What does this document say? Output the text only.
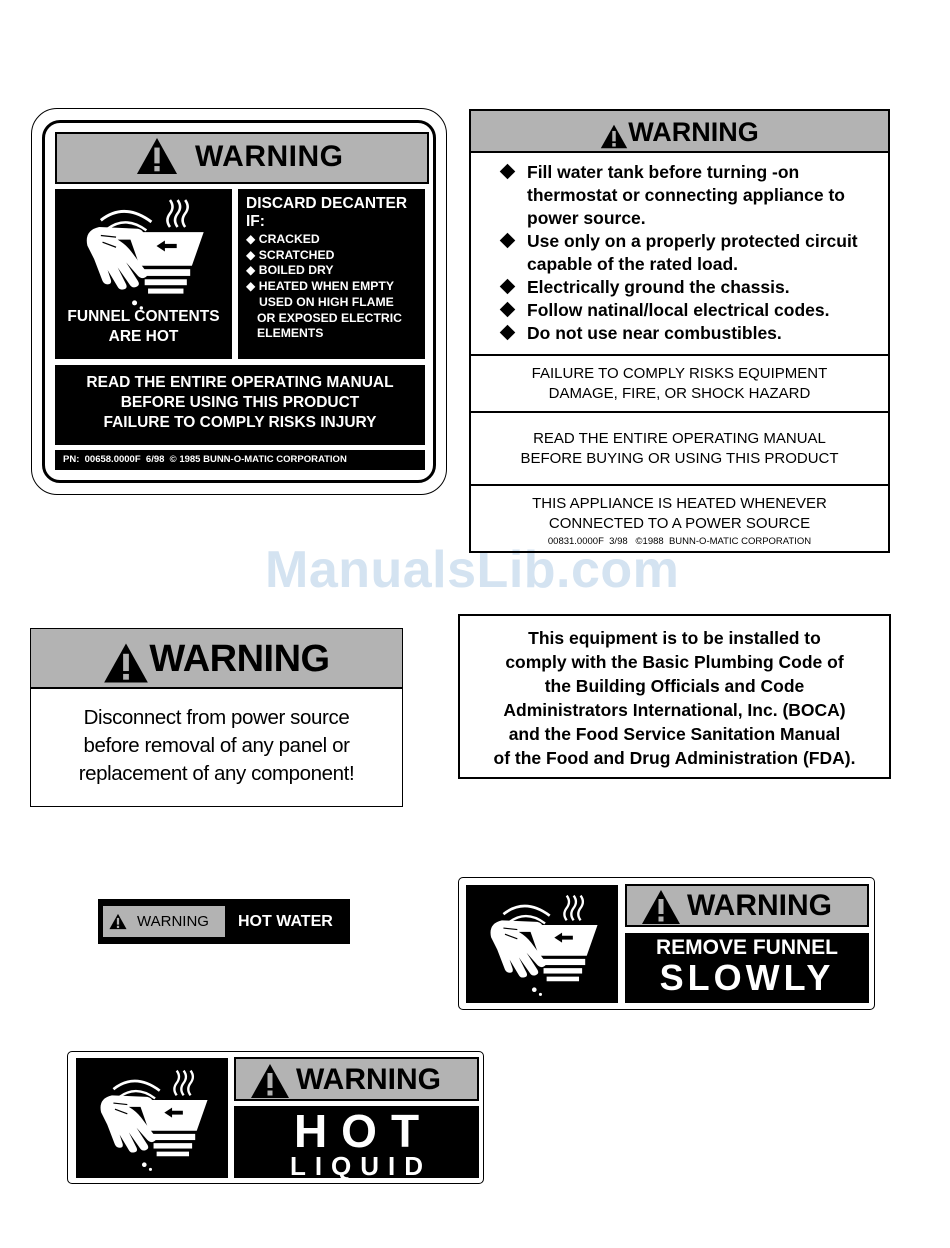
ManualsLib.com
WARNING
FUNNEL CONTENTS
ARE HOT
DISCARD DECANTER
IF:
◆ CRACKED
◆ SCRATCHED
◆ BOILED DRY
◆ HEATED WHEN EMPTY
USED ON HIGH FLAME
OR EXPOSED ELECTRIC
ELEMENTS
READ THE ENTIRE OPERATING MANUAL
BEFORE USING THIS PRODUCT
FAILURE TO COMPLY RISKS INJURY
PN:  00658.0000F  6/98  © 1985 BUNN-O-MATIC CORPORATION
WARNING
Fill water tank before turning -on thermostat or connecting appliance to power source.
Use only on a properly protected circuit capable of the rated load.
Electrically ground the chassis.
Follow natinal/local electrical codes.
Do not use near combustibles.
FAILURE TO COMPLY RISKS EQUIPMENT
DAMAGE, FIRE, OR SHOCK HAZARD
READ THE ENTIRE OPERATING MANUAL
BEFORE BUYING OR USING THIS PRODUCT
THIS APPLIANCE IS HEATED WHENEVER
CONNECTED TO A POWER SOURCE
00831.0000F  3/98   ©1988  BUNN-O-MATIC CORPORATION
WARNING
Disconnect from power source
before removal of any panel or
replacement of any component!
This equipment is to be installed to
comply with the Basic Plumbing Code of
the Building Officials and Code
Administrators International, Inc. (BOCA)
and the Food Service Sanitation Manual
of the Food and Drug Administration (FDA).
WARNING HOT WATER	WARNING
REMOVE FUNNEL
SLOWLY
WARNING
HOT
LIQUID
